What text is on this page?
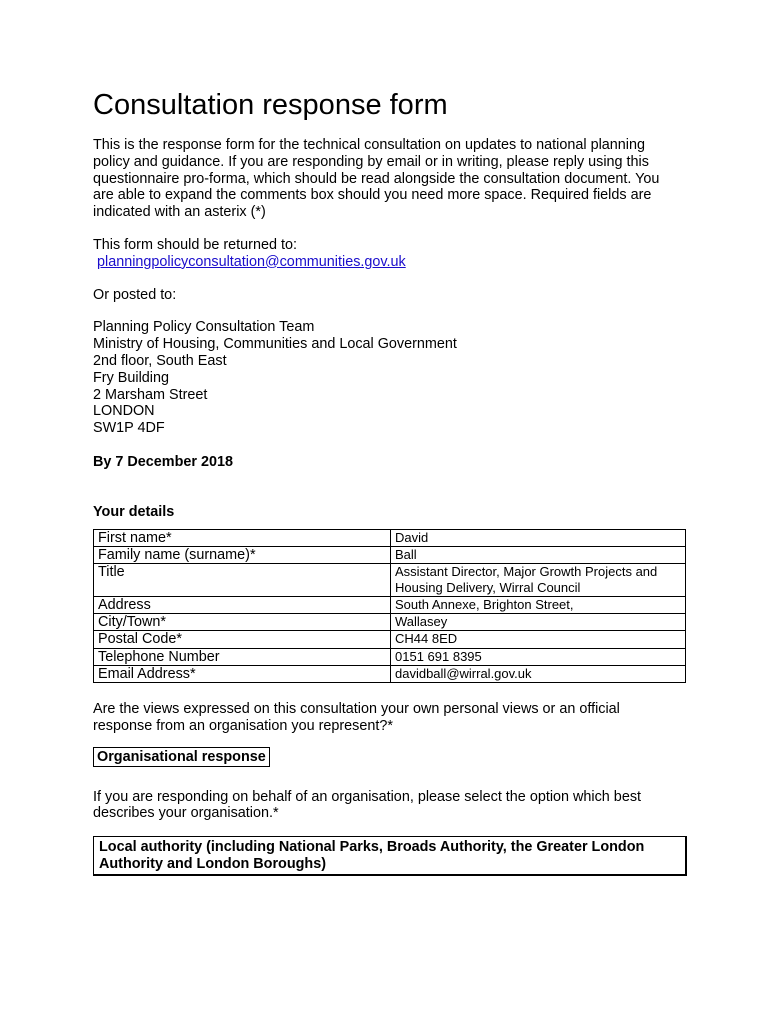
Consultation response form

This is the response form for the technical consultation on updates to national planning policy and guidance. If you are responding by email or in writing, please reply using this questionnaire pro-forma, which should be read alongside the consultation document. You are able to expand the comments box should you need more space. Required fields are indicated with an asterix (*)

This form should be returned to:

planningpolicyconsultation@communities.gov.uk

Or posted to:

Planning Policy Consultation Team
Ministry of Housing, Communities and Local Government
2nd floor, South East
Fry Building
2 Marsham Street
LONDON
SW1P 4DF

By 7 December 2018

Your details

First name*	David
Family name (surname)*	Ball
Title	Assistant Director, Major Growth Projects and Housing Delivery, Wirral Council
Address	South Annexe, Brighton Street,
City/Town*	Wallasey
Postal Code*	CH44 8ED
Telephone Number	0151 691 8395
Email Address*	davidball@wirral.gov.uk

Are the views expressed on this consultation your own personal views or an official response from an organisation you represent?*

Organisational response

If you are responding on behalf of an organisation, please select the option which best describes your organisation.*

Local authority (including National Parks, Broads Authority, the Greater London Authority and London Boroughs)
